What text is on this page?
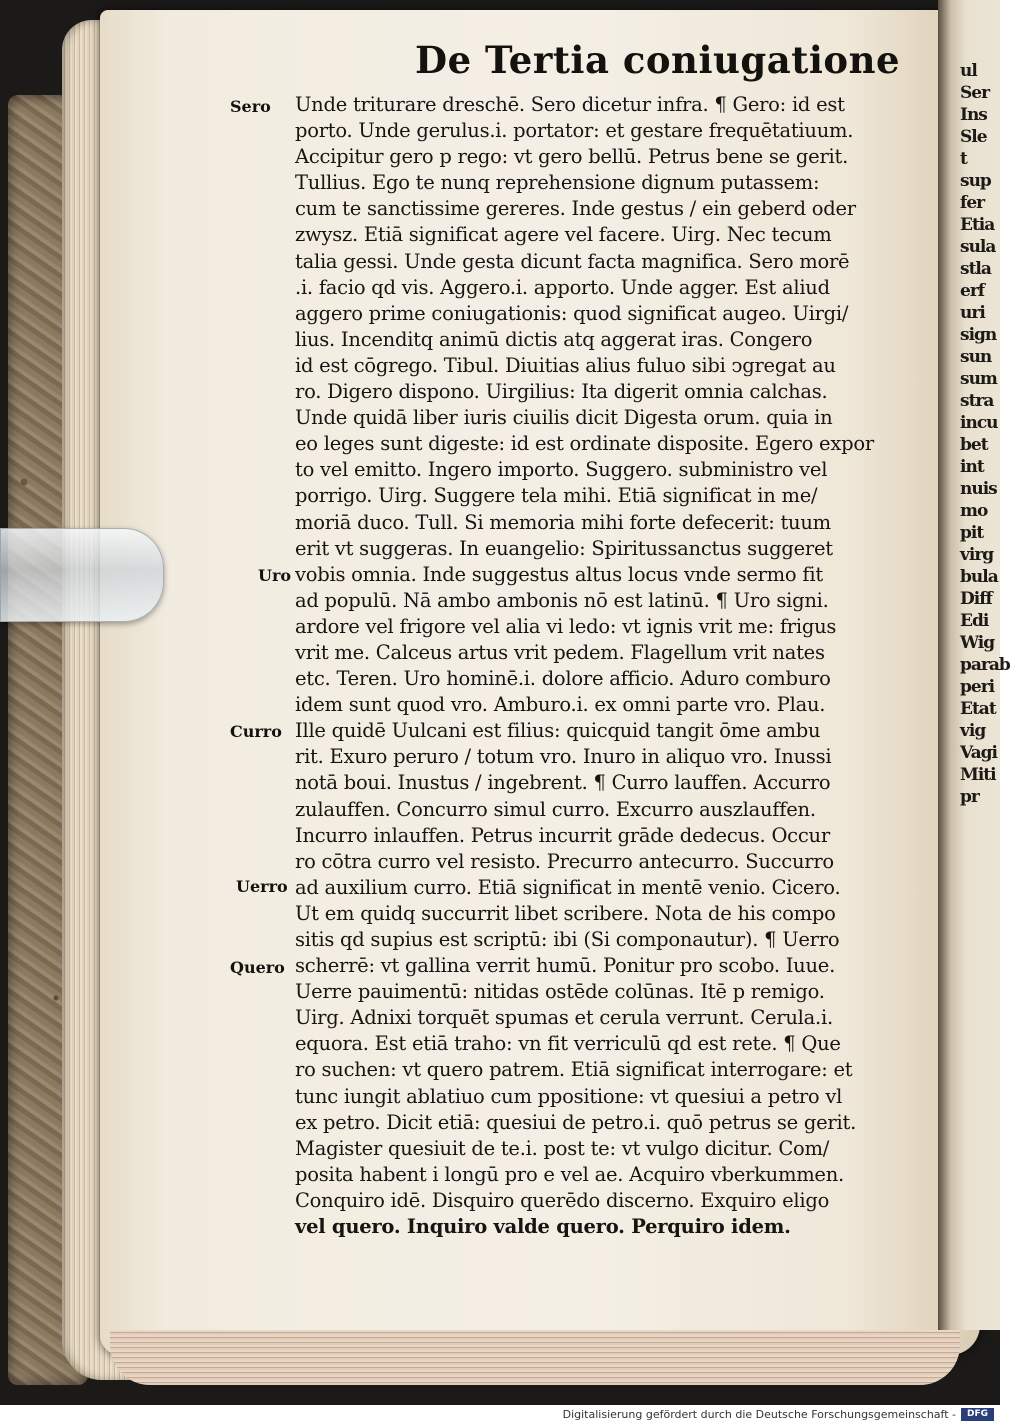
ul
Ser
Ins
Sle
t
sup
fer
Etia
sula
stla
erf
uri
sign
sun
sum
stra
incu
bet
int
nuis
mo
pit
virg
bula
Diff
Edi
Wig
parab
peri
Etat
vig
Vagi
Miti
pr
De Tertia coniugatione
Sero
Uro
Curro
Uerro
Quero
Unde triturare dreschē. Sero dicetur infra. ¶ Gero: id est
porto. Unde gerulus.i. portator: et gestare frequētatiuum.
Accipitur gero p rego: vt gero bellū. Petrus bene se gerit.
Tullius. Ego te nunq reprehensione dignum putassem:
cum te sanctissime gereres. Inde gestus / ein geberd oder
zwysz. Etiā significat agere vel facere. Uirg. Nec tecum
talia gessi. Unde gesta dicunt facta magnifica. Sero morē
.i. facio qd vis. Aggero.i. apporto. Unde agger. Est aliud
aggero prime coniugationis: quod significat augeo. Uirgi/
lius. Incenditq animū dictis atq aggerat iras. Congero
id est cōgrego. Tibul. Diuitias alius fuluo sibi ↄgregat au
ro. Digero dispono. Uirgilius: Ita digerit omnia calchas.
Unde quidā liber iuris ciuilis dicit Digesta orum. quia in
eo leges sunt digeste: id est ordinate disposite. Egero expor
to vel emitto. Ingero importo. Suggero. subministro vel
porrigo. Uirg. Suggere tela mihi. Etiā significat in me/
moriā duco. Tull. Si memoria mihi forte defecerit: tuum
erit vt suggeras. In euangelio: Spiritussanctus suggeret
vobis omnia. Inde suggestus altus locus vnde sermo fit
ad populū. Nā ambo ambonis nō est latinū. ¶ Uro signi.
ardore vel frigore vel alia vi ledo: vt ignis vrit me: frigus
vrit me. Calceus artus vrit pedem. Flagellum vrit nates
etc. Teren. Uro hominē.i. dolore afficio. Aduro comburo
idem sunt quod vro. Amburo.i. ex omni parte vro. Plau.
Ille quidē Uulcani est filius: quicquid tangit ōme ambu
rit. Exuro peruro / totum vro. Inuro in aliquo vro. Inussi
notā boui. Inustus / ingebrent. ¶ Curro lauffen. Accurro
zulauffen. Concurro simul curro. Excurro auszlauffen.
Incurro inlauffen. Petrus incurrit grāde dedecus. Occur
ro cōtra curro vel resisto. Precurro antecurro. Succurro
ad auxilium curro. Etiā significat in mentē venio. Cicero.
Ut em quidq succurrit libet scribere. Nota de his compo
sitis qd supius est scriptū: ibi (Si componautur). ¶ Uerro
scherrē: vt gallina verrit humū. Ponitur pro scobo. Iuue.
Uerre pauimentū: nitidas ostēde colūnas. Itē p remigo.
Uirg. Adnixi torquēt spumas et cerula verrunt. Cerula.i.
equora. Est etiā traho: vn fit verriculū qd est rete. ¶ Que
ro suchen: vt quero patrem. Etiā significat interrogare: et
tunc iungit ablatiuo cum ppositione: vt quesiui a petro vl
ex petro. Dicit etiā: quesiui de petro.i. quō petrus se gerit.
Magister quesiuit de te.i. post te: vt vulgo dicitur. Com/
posita habent i longū pro e vel ae. Acquiro vberkummen.
Conquiro idē. Disquiro querēdo discerno. Exquiro eligo
vel quero. Inquiro valde quero. Perquiro idem.
Digitalisierung gefördert durch die Deutsche Forschungsgemeinschaft -	DFG
